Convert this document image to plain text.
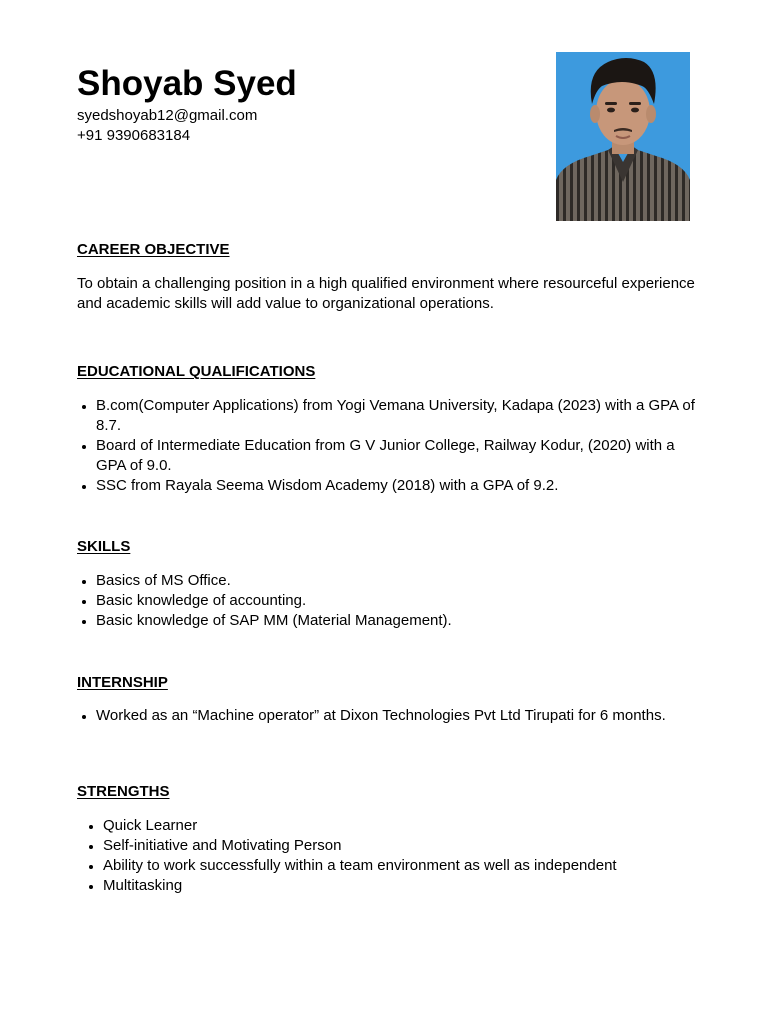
Shoyab Syed
syedshoyab12@gmail.com
+91 9390683184
CAREER OBJECTIVE

To obtain a challenging position in a high qualified environment where resourceful experience and academic skills will add value to organizational operations.

EDUCATIONAL QUALIFICATIONS
B.com(Computer Applications) from Yogi Vemana University, Kadapa (2023) with a GPA of 8.7.
Board of Intermediate Education from G V Junior College, Railway Kodur, (2020) with a GPA of 9.0.
SSC from Rayala Seema Wisdom Academy (2018) with a GPA of 9.2.
SKILLS
Basics of MS Office.
Basic knowledge of accounting.
Basic knowledge of SAP MM (Material Management).
INTERNSHIP
Worked as an “Machine operator” at Dixon Technologies Pvt Ltd Tirupati for 6 months.
STRENGTHS
Quick Learner
Self-initiative and Motivating Person
Ability to work successfully within a team environment as well as independent
Multitasking
